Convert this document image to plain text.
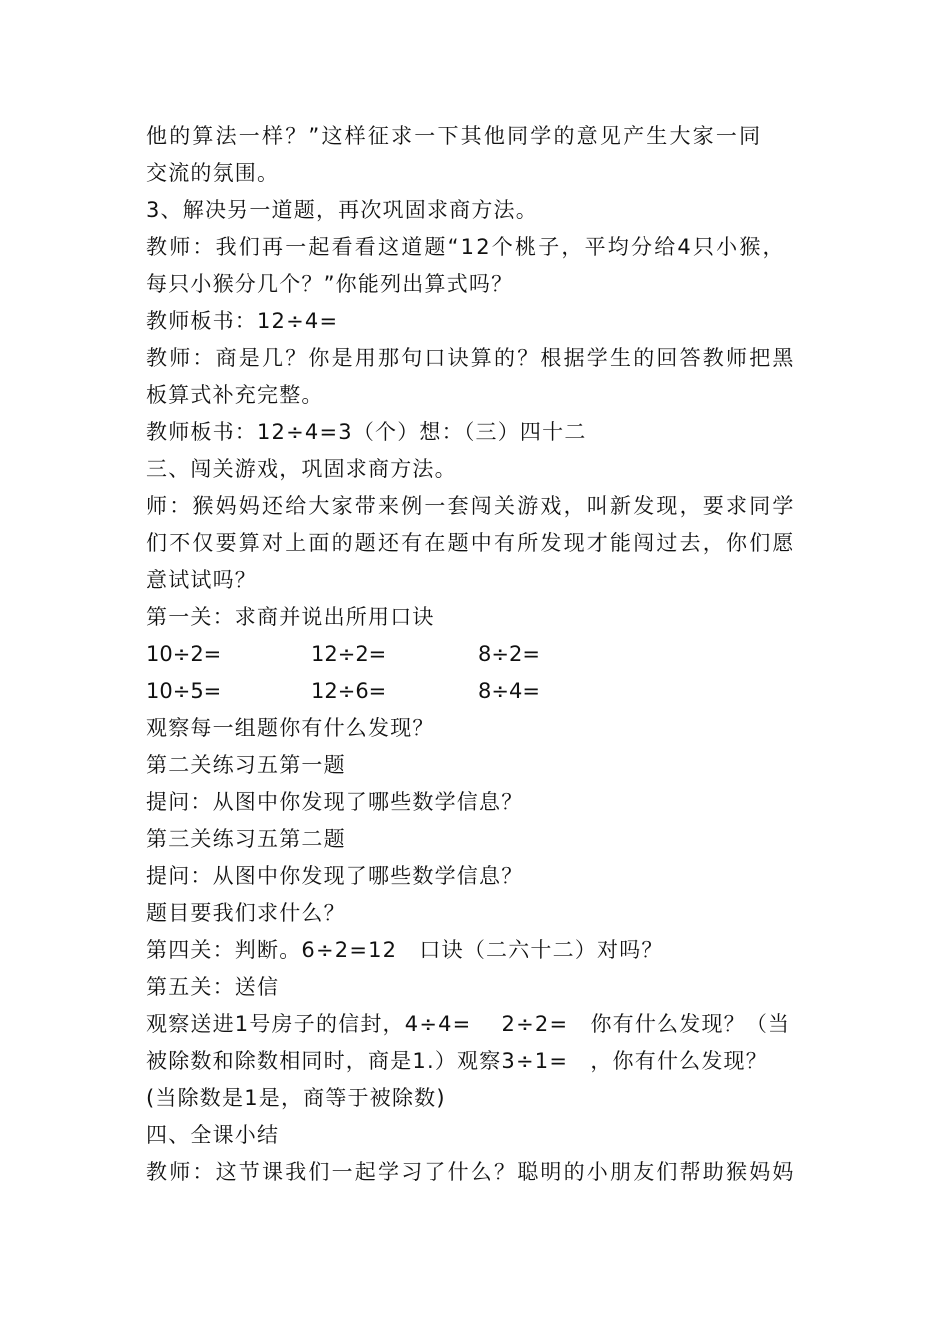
他的算法一样？”这样征求一下其他同学的意见产生大家一同
交流的氛围。
3、解决另一道题，再次巩固求商方法。
教师：我们再一起看看这道题“12个桃子，平均分给4只小猴，
每只小猴分几个？”你能列出算式吗？
教师板书：12÷4=
教师：商是几？你是用那句口诀算的？根据学生的回答教师把黑
板算式补充完整。
教师板书：12÷4=3（个）想：（三）四十二
三、闯关游戏，巩固求商方法。
师：猴妈妈还给大家带来例一套闯关游戏，叫新发现，要求同学
们不仅要算对上面的题还有在题中有所发现才能闯过去，你们愿
意试试吗？
第一关：求商并说出所用口诀
10÷2=	12÷2=	8÷2=
10÷5=	12÷6=	8÷4=
观察每一组题你有什么发现？
第二关练习五第一题
提问：从图中你发现了哪些数学信息？
第三关练习五第二题
提问：从图中你发现了哪些数学信息？
题目要我们求什么？
第四关：判断。6÷2=12　口诀（二六十二）对吗？
第五关：送信
观察送进1号房子的信封，4÷4=　 2÷2=　你有什么发现？（当
被除数和除数相同时，商是1.）观察3÷1=　，你有什么发现？
(当除数是1是，商等于被除数)
四、全课小结
教师：这节课我们一起学习了什么？聪明的小朋友们帮助猴妈妈
